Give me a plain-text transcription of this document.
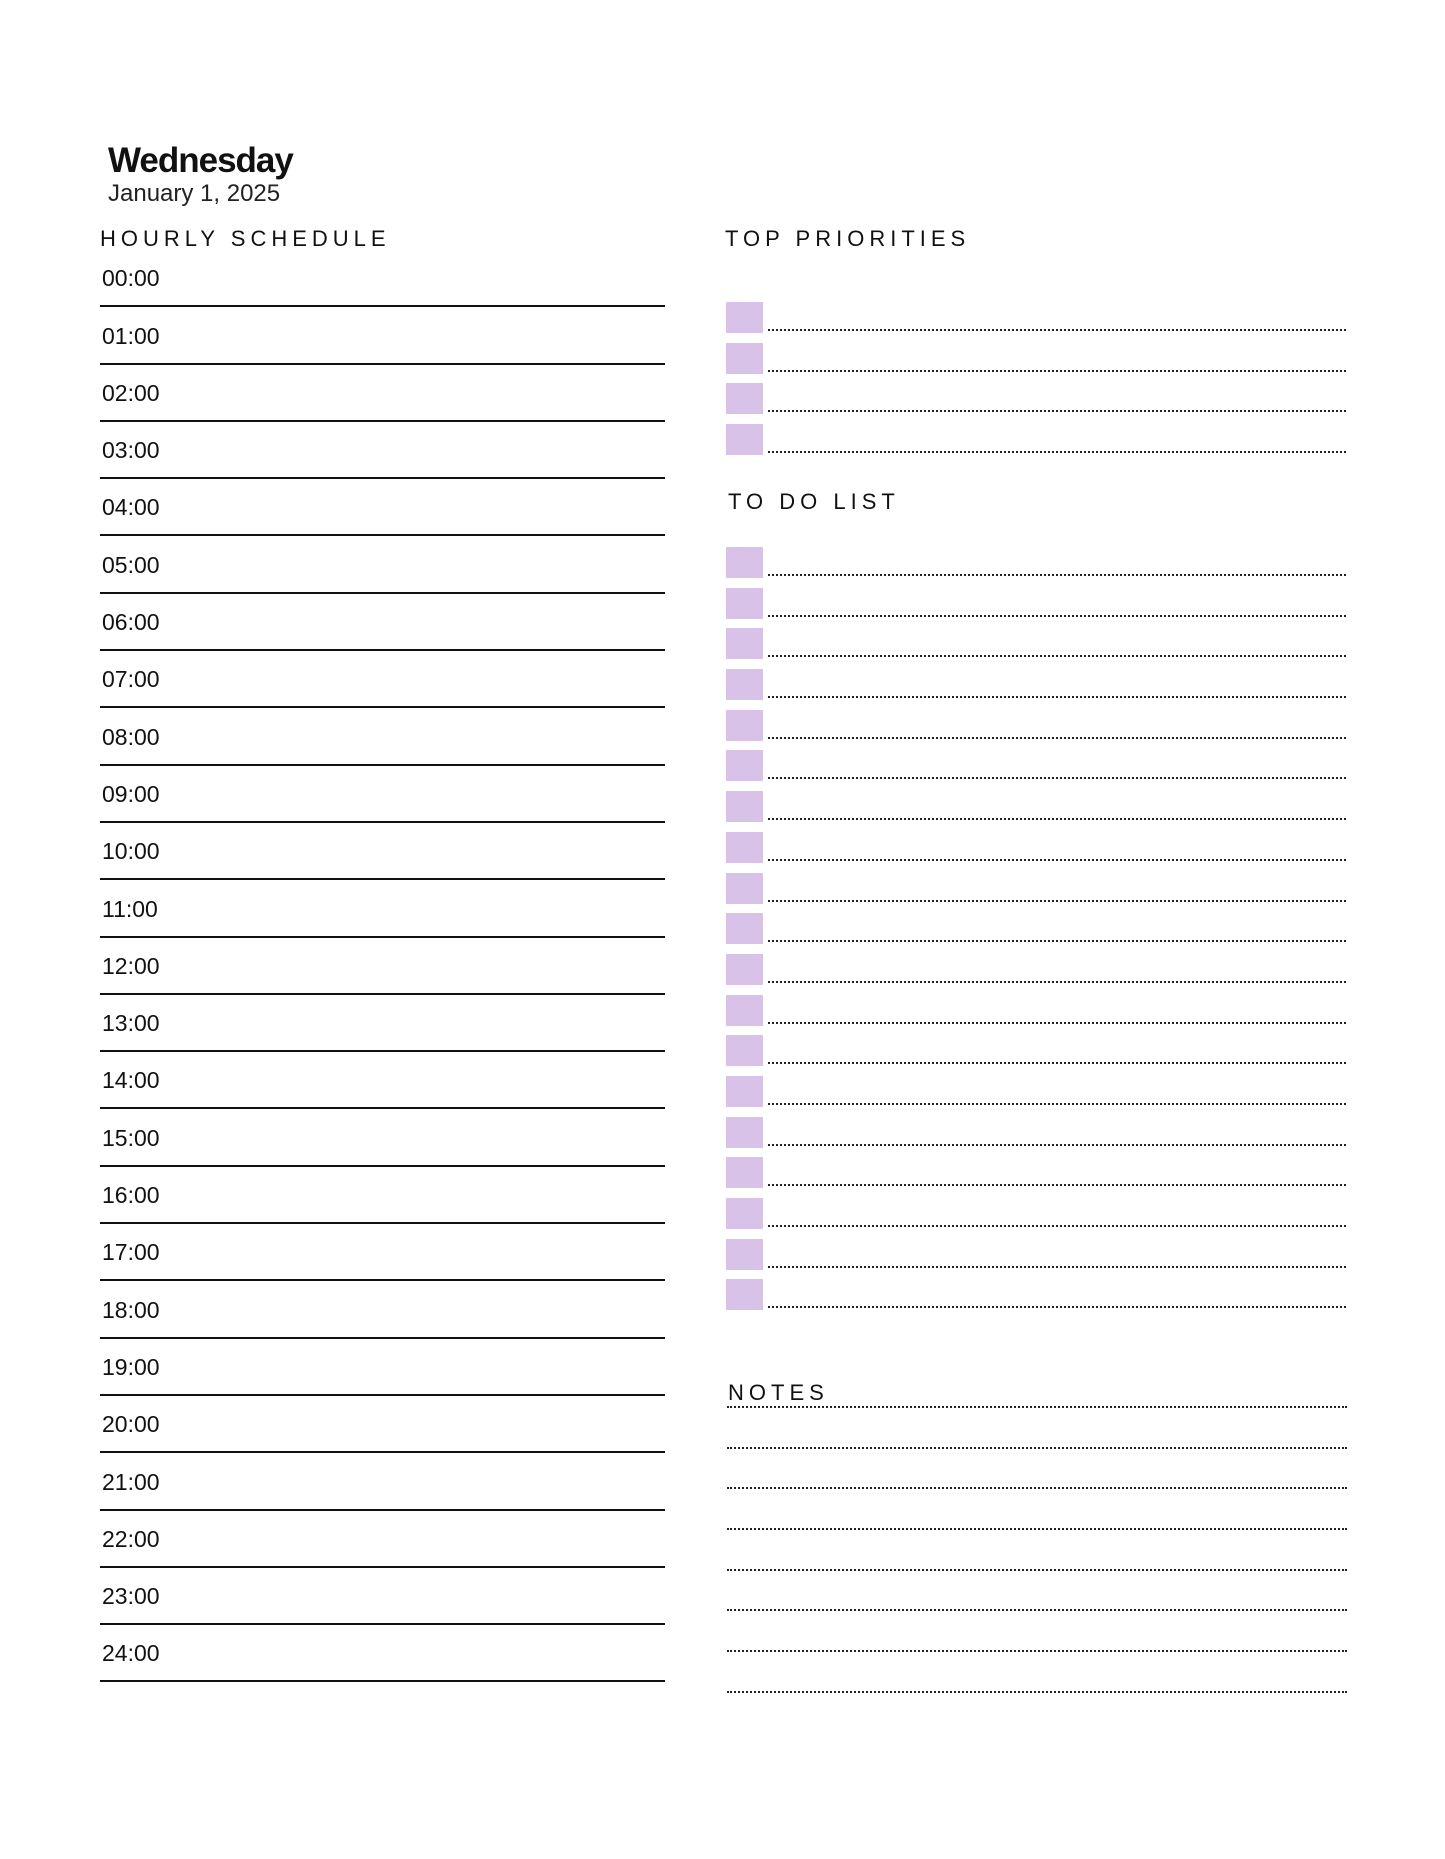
Wednesday
January 1, 2025
HOURLY SCHEDULE	TOP PRIORITIES
TO DO LIST
NOTES
00:00
01:00
02:00
03:00
04:00
05:00
06:00
07:00
08:00
09:00
10:00
11:00
12:00
13:00
14:00
15:00
16:00
17:00
18:00
19:00
20:00
21:00
22:00
23:00
24:00
